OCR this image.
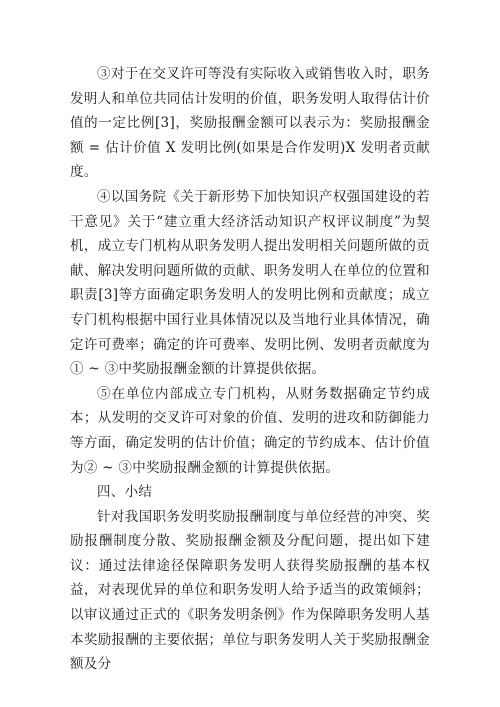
③对于在交叉许可等没有实际收入或销售收入时，职务发明人和单位共同估计发明的价值，职务发明人取得估计价值的一定比例[3]，奖励报酬金额可以表示为：奖励报酬金额 = 估计价值 X 发明比例(如果是合作发明)X 发明者贡献度。

④以国务院《关于新形势下加快知识产权强国建设的若干意见》关于“建立重大经济活动知识产权评议制度”为契机，成立专门机构从职务发明人提出发明相关问题所做的贡献、解决发明问题所做的贡献、职务发明人在单位的位置和职责[3]等方面确定职务发明人的发明比例和贡献度；成立专门机构根据中国行业具体情况以及当地行业具体情况，确定许可费率；确定的许可费率、发明比例、发明者贡献度为① ~ ③中奖励报酬金额的计算提供依据。

⑤在单位内部成立专门机构，从财务数据确定节约成本；从发明的交叉许可对象的价值、发明的进攻和防御能力等方面，确定发明的估计价值；确定的节约成本、估计价值为② ~ ③中奖励报酬金额的计算提供依据。

四、小结

针对我国职务发明奖励报酬制度与单位经营的冲突、奖励报酬制度分散、奖励报酬金额及分配问题，提出如下建议：通过法律途径保障职务发明人获得奖励报酬的基本权益，对表现优异的单位和职务发明人给予适当的政策倾斜；以审议通过正式的《职务发明条例》作为保障职务发明人基本奖励报酬的主要依据；单位与职务发明人关于奖励报酬金额及分
